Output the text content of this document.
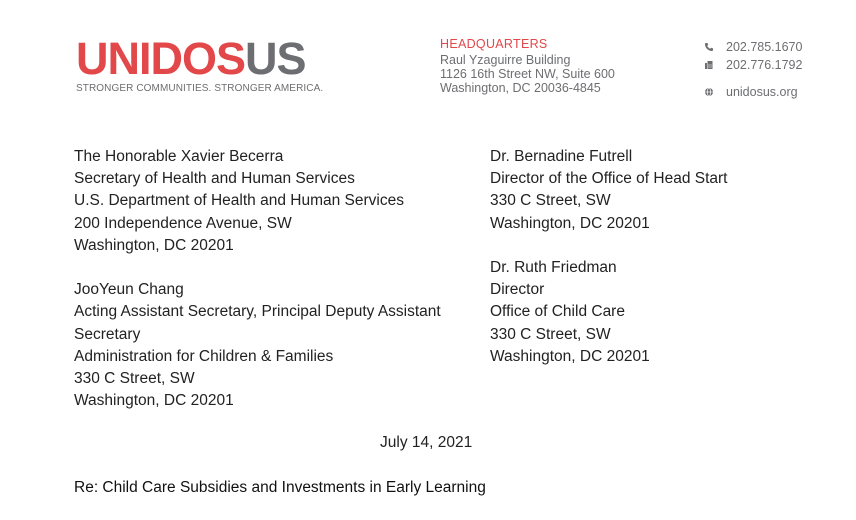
UNIDOSUS
STRONGER COMMUNITIES. STRONGER AMERICA.
HEADQUARTERS
Raul Yzaguirre Building
1126 16th Street NW, Suite 600
Washington, DC 20036-4845
202.785.1670
202.776.1792
unidosus.org
The Honorable Xavier Becerra
Secretary of Health and Human Services
U.S. Department of Health and Human Services
200 Independence Avenue, SW
Washington, DC 20201
JooYeun Chang
Acting Assistant Secretary, Principal Deputy Assistant
Secretary
Administration for Children & Families
330 C Street, SW
Washington, DC 20201
Dr. Bernadine Futrell
Director of the Office of Head Start
330 C Street, SW
Washington, DC 20201
Dr. Ruth Friedman
Director
Office of Child Care
330 C Street, SW
Washington, DC 20201
July 14, 2021
Re: Child Care Subsidies and Investments in Early Learning
